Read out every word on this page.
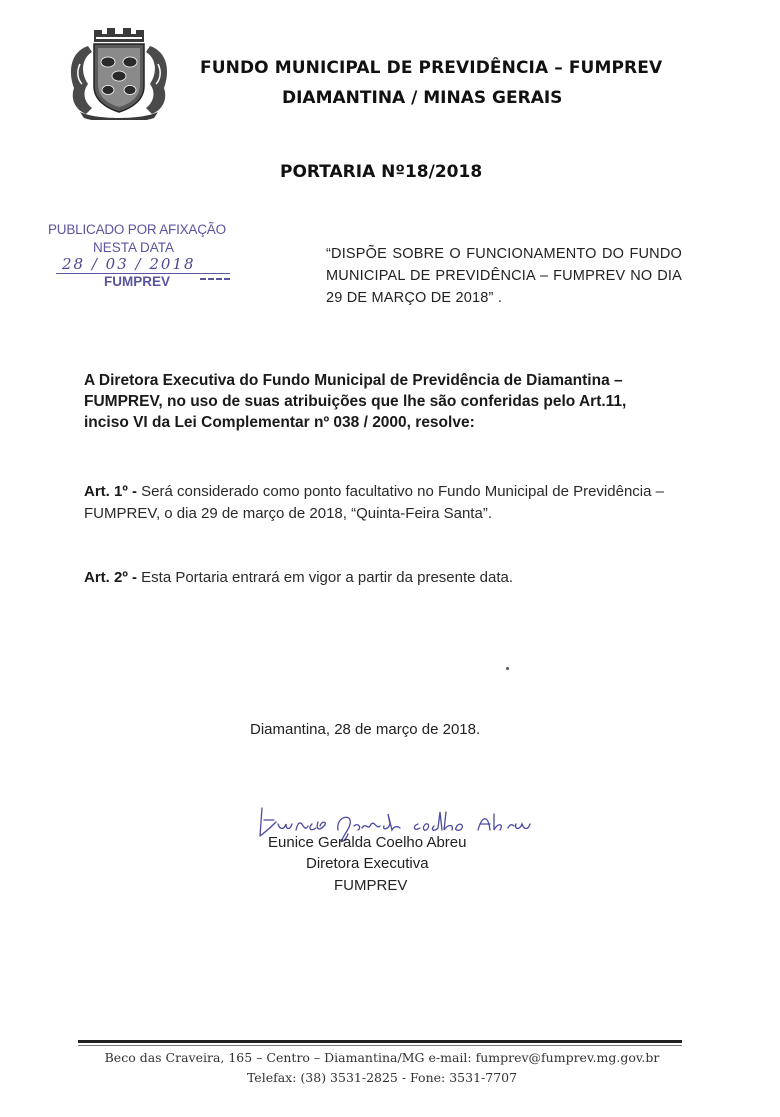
FUNDO MUNICIPAL DE PREVIDÊNCIA – FUMPREV
DIAMANTINA / MINAS GERAIS
PORTARIA Nº18/2018
PUBLICADO POR AFIXAÇÃO
NESTA DATA
28 / 03 / 2018
FUMPREV
“DISPÕE SOBRE O FUNCIONAMENTO DO FUNDO MUNICIPAL DE PREVIDÊNCIA – FUMPREV NO DIA 29 DE MARÇO DE 2018” .
A Diretora Executiva do Fundo Municipal de Previdência de Diamantina – FUMPREV, no uso de suas atribuições que lhe são conferidas pelo Art.11, inciso VI da Lei Complementar nº 038 / 2000, resolve:
Art. 1º - Será considerado como ponto facultativo no Fundo Municipal de Previdência – FUMPREV, o dia 29 de março de 2018, “Quinta-Feira Santa”.
Art. 2º - Esta Portaria entrará em vigor a partir da presente data.
Diamantina, 28 de março de 2018.
Eunice Geralda Coelho Abreu
Diretora Executiva
FUMPREV
Beco das Craveira, 165 – Centro – Diamantina/MG e-mail: fumprev@fumprev.mg.gov.br
Telefax: (38) 3531-2825 - Fone: 3531-7707
